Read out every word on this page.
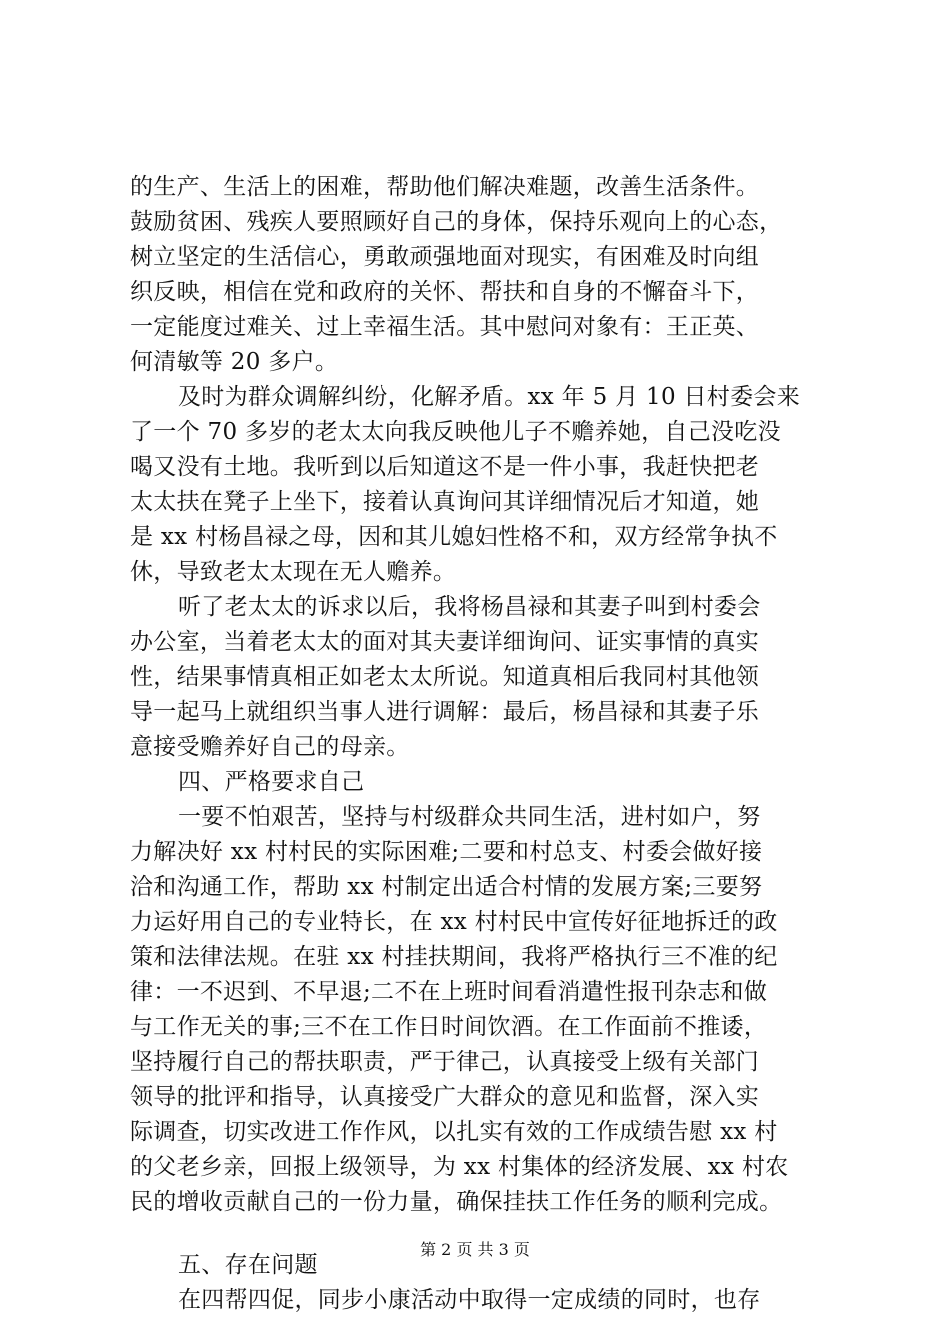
的生产、生活上的困难，帮助他们解决难题，改善生活条件。
鼓励贫困、残疾人要照顾好自己的身体，保持乐观向上的心态，
树立坚定的生活信心，勇敢顽强地面对现实，有困难及时向组
织反映，相信在党和政府的关怀、帮扶和自身的不懈奋斗下，
一定能度过难关、过上幸福生活。其中慰问对象有：王正英、
何清敏等 20 多户。
及时为群众调解纠纷，化解矛盾。xx 年 5 月 10 日村委会来
了一个 70 多岁的老太太向我反映他儿子不赡养她，自己没吃没
喝又没有土地。我听到以后知道这不是一件小事，我赶快把老
太太扶在凳子上坐下，接着认真询问其详细情况后才知道，她
是 xx 村杨昌禄之母，因和其儿媳妇性格不和，双方经常争执不
休，导致老太太现在无人赡养。
听了老太太的诉求以后，我将杨昌禄和其妻子叫到村委会
办公室，当着老太太的面对其夫妻详细询问、证实事情的真实
性，结果事情真相正如老太太所说。知道真相后我同村其他领
导一起马上就组织当事人进行调解：最后，杨昌禄和其妻子乐
意接受赡养好自己的母亲。
四、严格要求自己
一要不怕艰苦，坚持与村级群众共同生活，进村如户，努
力解决好 xx 村村民的实际困难;二要和村总支、村委会做好接
洽和沟通工作，帮助 xx 村制定出适合村情的发展方案;三要努
力运好用自己的专业特长，在 xx 村村民中宣传好征地拆迁的政
策和法律法规。在驻 xx 村挂扶期间，我将严格执行三不准的纪
律：一不迟到、不早退;二不在上班时间看消遣性报刊杂志和做
与工作无关的事;三不在工作日时间饮酒。在工作面前不推诿，
坚持履行自己的帮扶职责，严于律己，认真接受上级有关部门
领导的批评和指导，认真接受广大群众的意见和监督，深入实
际调查，切实改进工作作风，以扎实有效的工作成绩告慰 xx 村
的父老乡亲，回报上级领导，为 xx 村集体的经济发展、xx 村农
民的增收贡献自己的一份力量，确保挂扶工作任务的顺利完成。
五、存在问题
在四帮四促，同步小康活动中取得一定成绩的同时，也存
第 2 页 共 3 页
